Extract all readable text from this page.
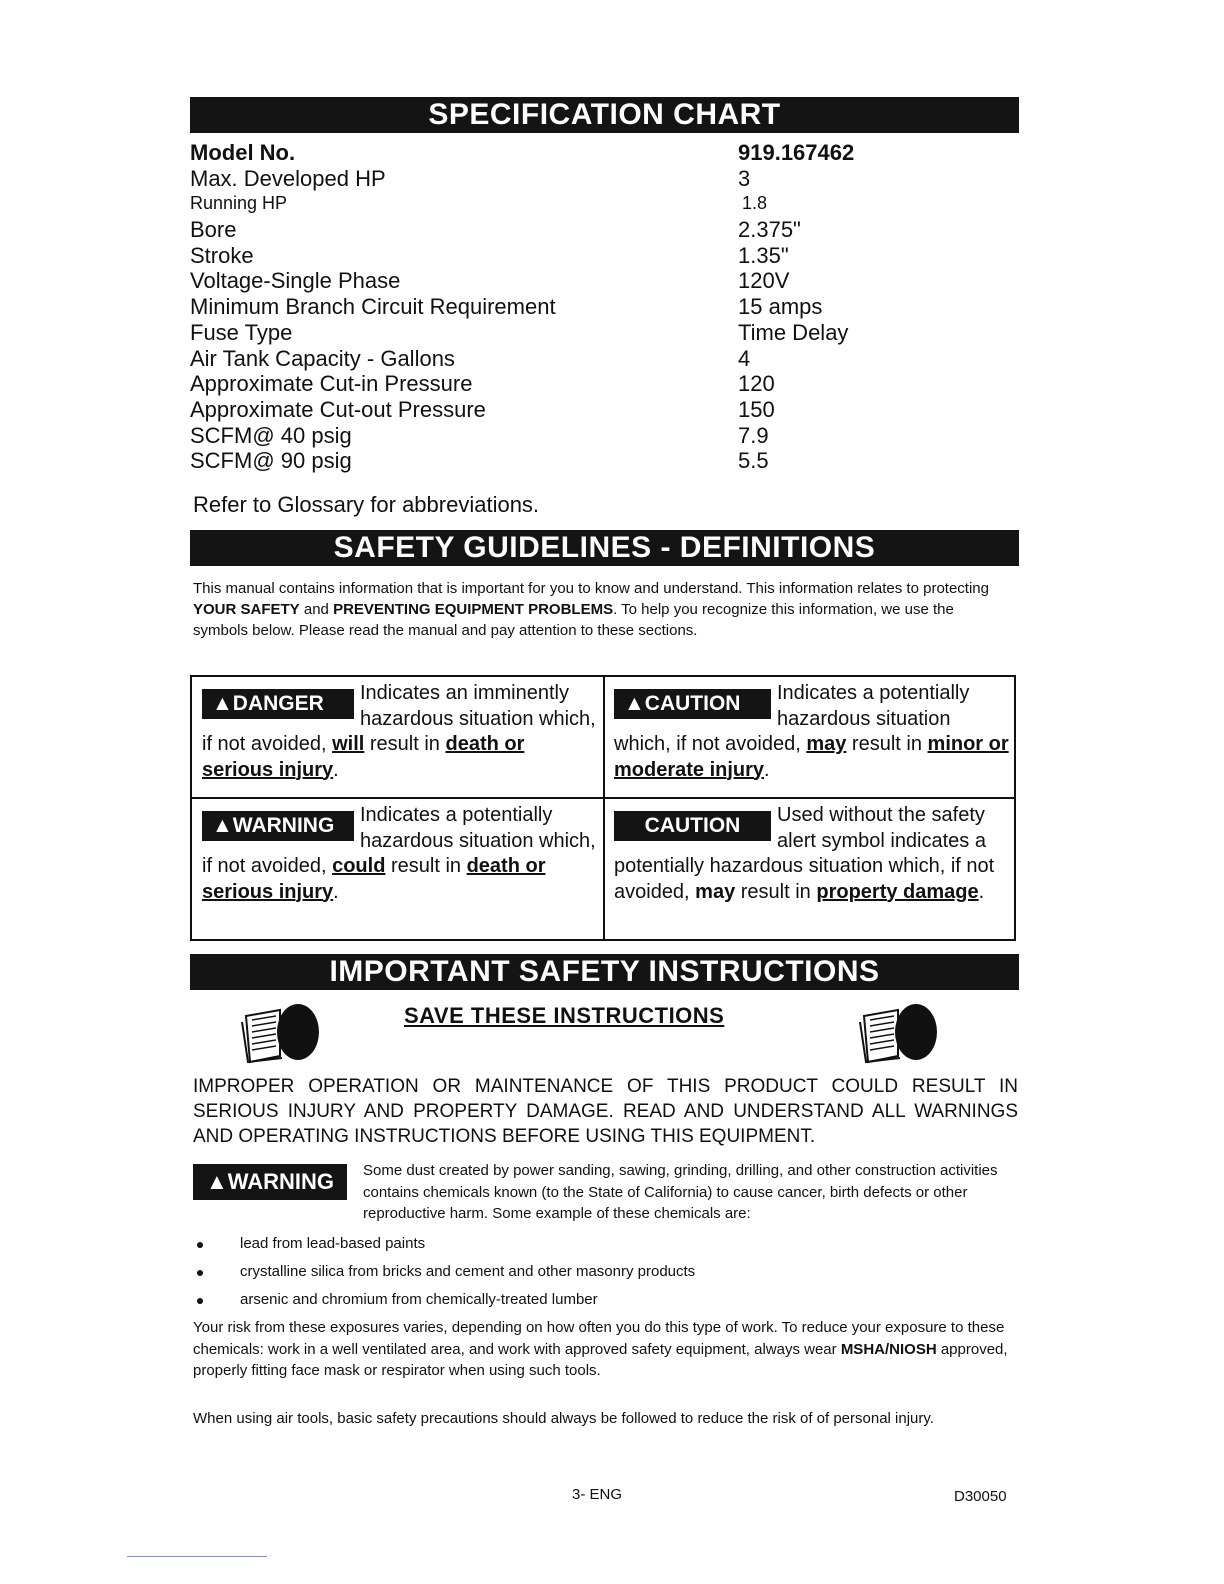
SPECIFICATION CHART
Model No.	919.167462
Max. Developed HP	3
Running HP	1.8
Bore	2.375"
Stroke	1.35"
Voltage-Single Phase	120V
Minimum Branch Circuit Requirement	15 amps
Fuse Type	Time Delay
Air Tank Capacity - Gallons	4
Approximate Cut-in Pressure	120
Approximate Cut-out Pressure	150
SCFM@ 40 psig	7.9
SCFM@ 90 psig	5.5
Refer to Glossary for abbreviations.
SAFETY GUIDELINES - DEFINITIONS
This manual contains information that is important for you to know and understand. This information relates to protecting YOUR SAFETY and PREVENTING EQUIPMENT PROBLEMS. To help you recognize this information, we use the symbols below. Please read the manual and pay attention to these sections.
▲DANGER	Indicates an imminently hazardous situation which, if not avoided, will result in death or serious injury.
▲CAUTION	Indicates a potentially hazardous situation which, if not avoided, may result in minor or moderate injury.
▲WARNING	Indicates a potentially hazardous situation which, if not avoided, could result in death or serious injury.
CAUTION	Used without the safety alert symbol indicates a potentially hazardous situation which, if not avoided, may result in property damage.
IMPORTANT SAFETY INSTRUCTIONS
SAVE THESE INSTRUCTIONS
IMPROPER OPERATION OR MAINTENANCE OF THIS PRODUCT COULD RESULT IN SERIOUS INJURY AND PROPERTY DAMAGE. READ AND UNDERSTAND ALL WARNINGS AND OPERATING INSTRUCTIONS BEFORE USING THIS EQUIPMENT.
▲WARNING	Some dust created by power sanding, sawing, grinding, drilling, and other construction activities contains chemicals known (to the State of California) to cause cancer, birth defects or other reproductive harm. Some example of these chemicals are:
lead from lead-based paints
crystalline silica from bricks and cement and other masonry products
arsenic and chromium from chemically-treated lumber
Your risk from these exposures varies, depending on how often you do this type of work. To reduce your exposure to these chemicals: work in a well ventilated area, and work with approved safety equipment, always wear MSHA/NIOSH approved, properly fitting face mask or respirator when using such tools.
When using air tools, basic safety precautions should always be followed to reduce the risk of of personal injury.
3- ENG	D30050
